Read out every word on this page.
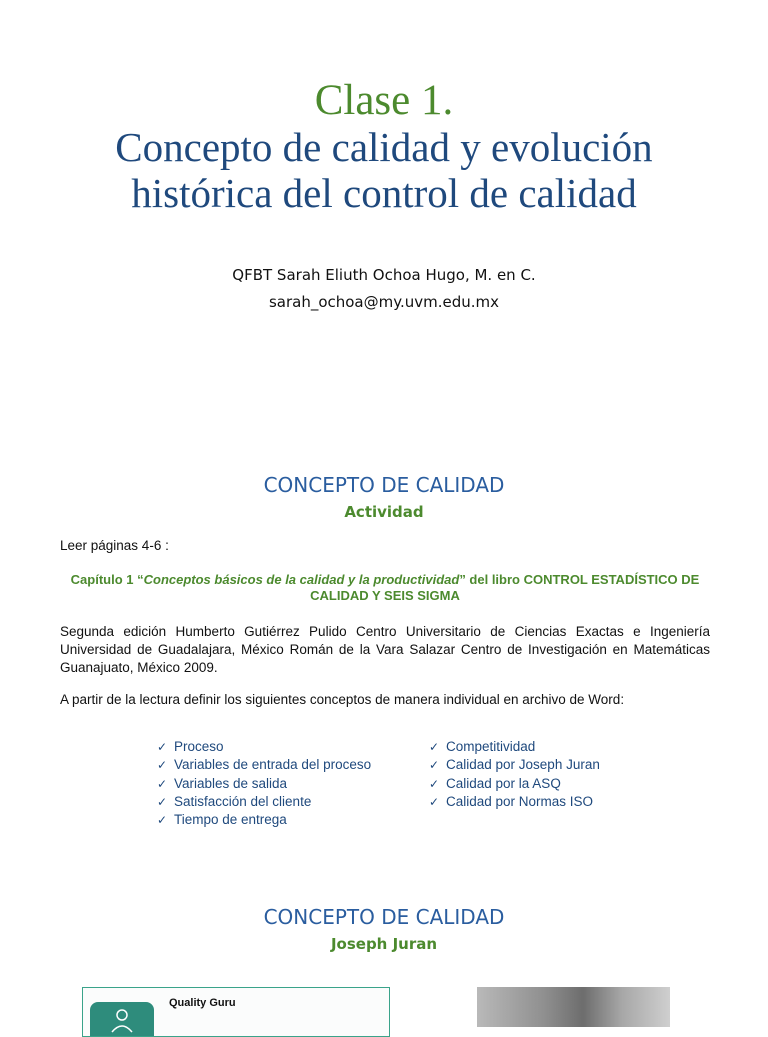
Clase 1.
Concepto de calidad y evolución
histórica del control de calidad
QFBT Sarah Eliuth Ochoa Hugo, M. en C.
sarah_ochoa@my.uvm.edu.mx
CONCEPTO DE CALIDAD
Actividad
Leer páginas 4-6 :
Capítulo 1 “Conceptos básicos de la calidad y la productividad” del libro CONTROL ESTADÍSTICO DE CALIDAD Y SEIS SIGMA
Segunda edición Humberto Gutiérrez Pulido Centro Universitario de Ciencias Exactas e Ingeniería Universidad de Guadalajara, México Román de la Vara Salazar Centro de Investigación en Matemáticas Guanajuato, México 2009.
A partir de la lectura definir los siguientes conceptos de manera individual en archivo de Word:
✓ Proceso
✓ Variables de entrada del proceso
✓ Variables de salida
✓ Satisfacción del cliente
✓ Tiempo de entrega
✓ Competitividad
✓ Calidad por Joseph Juran
✓ Calidad por la ASQ
✓ Calidad por Normas ISO
CONCEPTO DE CALIDAD
Joseph Juran
Quality Guru
